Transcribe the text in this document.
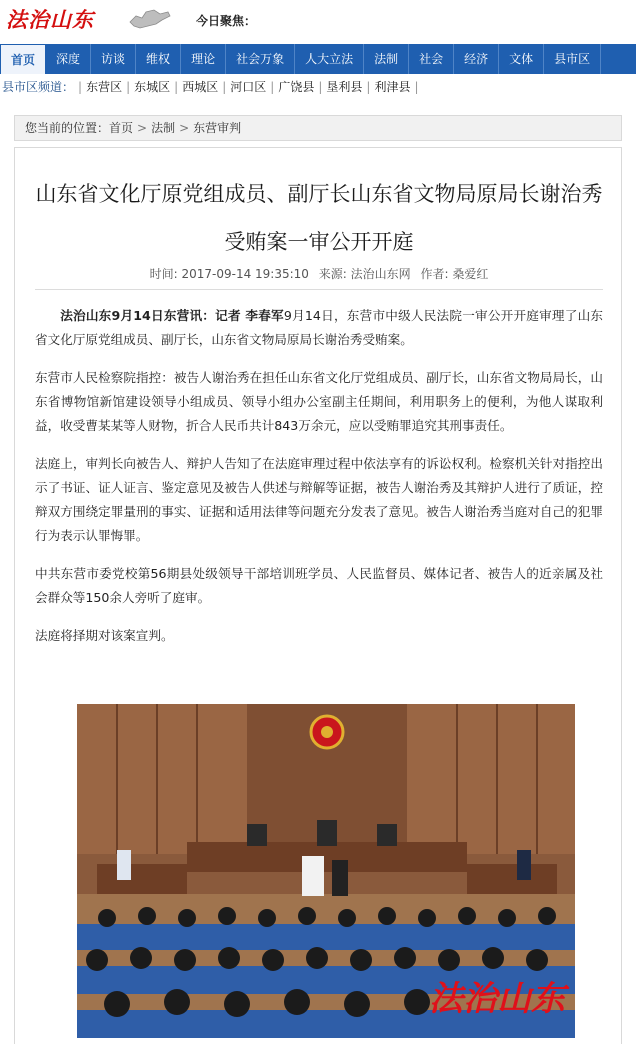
法治山东	今日聚焦：
首页 深度 访谈 维权 理论 社会万象 人大立法 法制 社会 经济 文体 县市区
县市区频道： | 东营区 | 东城区 | 西城区 | 河口区 | 广饶县 | 垦利县 | 利津县 |
您当前的位置：首页 > 法制 > 东营审判
山东省文化厅原党组成员、副厅长山东省文物局原局长谢治秀受贿案一审公开开庭
时间: 2017-09-14 19:35:10 来源: 法治山东网 作者: 桑爱红

法治山东9月14日东营讯：记者 李春军9月14日，东营市中级人民法院一审公开开庭审理了山东省文化厅原党组成员、副厅长，山东省文物局原局长谢治秀受贿案。

东营市人民检察院指控：被告人谢治秀在担任山东省文化厅党组成员、副厅长，山东省文物局局长，山东省博物馆新馆建设领导小组成员、领导小组办公室副主任期间，利用职务上的便利，为他人谋取利益，收受曹某某等人财物，折合人民币共计843万余元，应以受贿罪追究其刑事责任。

法庭上，审判长向被告人、辩护人告知了在法庭审理过程中依法享有的诉讼权利。检察机关针对指控出示了书证、证人证言、鉴定意见及被告人供述与辩解等证据，被告人谢治秀及其辩护人进行了质证，控辩双方围绕定罪量刑的事实、证据和适用法律等问题充分发表了意见。被告人谢治秀当庭对自己的犯罪行为表示认罪悔罪。

中共东营市委党校第56期县处级领导干部培训班学员、人民监督员、媒体记者、被告人的近亲属及社会群众等150余人旁听了庭审。

法庭将择期对该案宣判。

法治山东
